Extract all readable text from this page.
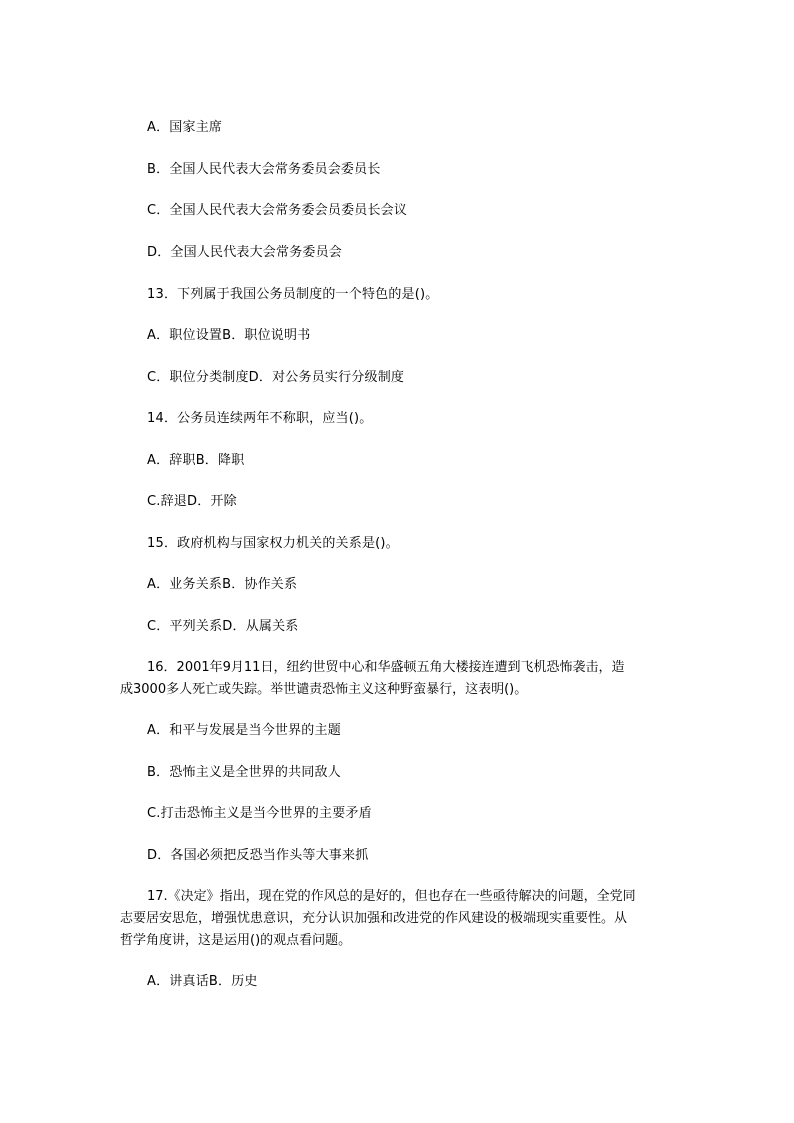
A．国家主席
B．全国人民代表大会常务委员会委员长
C．全国人民代表大会常务委会员委员长会议
D．全国人民代表大会常务委员会
13．下列属于我国公务员制度的一个特色的是()。
A．职位设置B．职位说明书
C．职位分类制度D．对公务员实行分级制度
14．公务员连续两年不称职，应当()。
A．辞职B．降职
C.辞退D．开除
15．政府机构与国家权力机关的关系是()。
A．业务关系B．协作关系
C．平列关系D．从属关系
16．2001年9月11日，纽约世贸中心和华盛顿五角大楼接连遭到飞机恐怖袭击，造
成3000多人死亡或失踪。举世谴责恐怖主义这种野蛮暴行，这表明()。
A．和平与发展是当今世界的主题
B．恐怖主义是全世界的共同敌人
C.打击恐怖主义是当今世界的主要矛盾
D．各国必须把反恐当作头等大事来抓
17.《决定》指出，现在党的作风总的是好的，但也存在一些亟待解决的问题，全党同
志要居安思危，增强忧患意识，充分认识加强和改进党的作风建设的极端现实重要性。从
哲学角度讲，这是运用()的观点看问题。
A．讲真话B．历史
